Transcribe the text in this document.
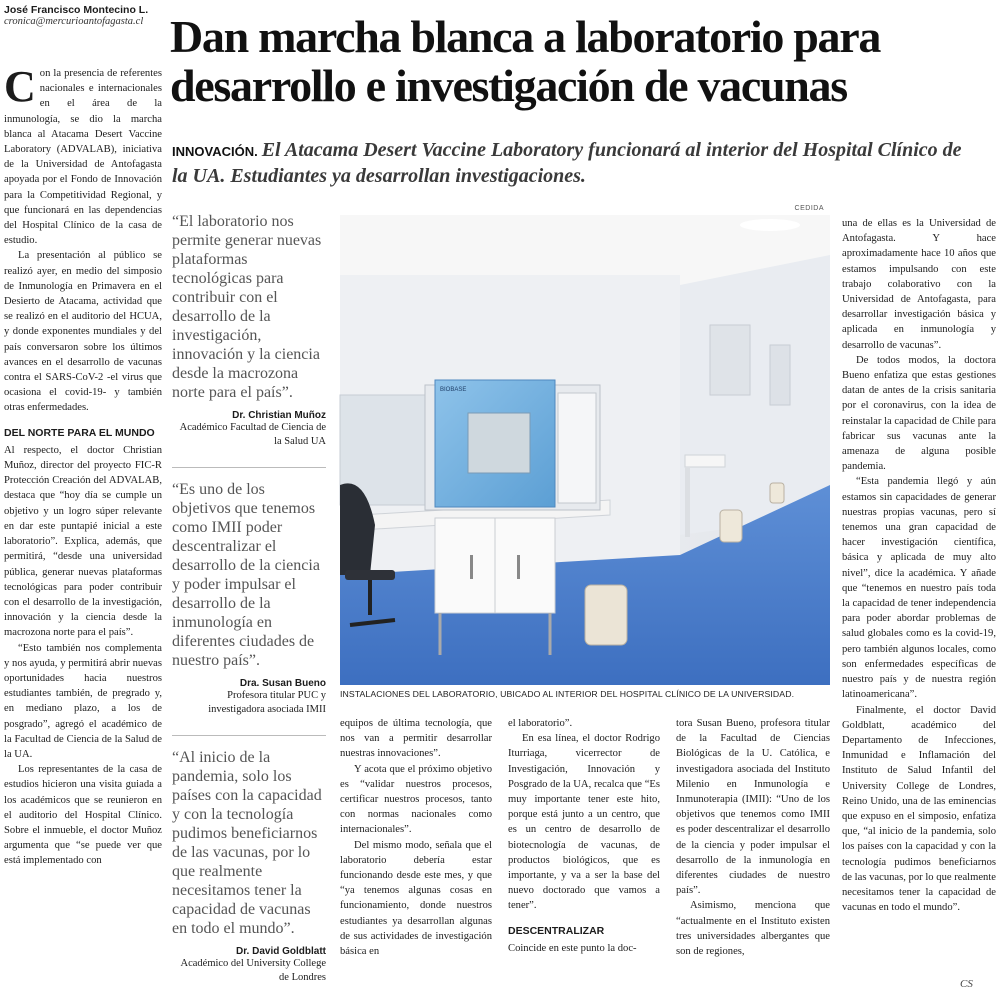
José Francisco Montecino L.
cronica@mercurioantofagasta.cl Dan marcha blanca a laboratorio para
desarrollo e investigación de vacunas
INNOVACIÓN. El Atacama Desert Vaccine Laboratory funcionará al interior del Hospital Clínico de la UA. Estudiantes ya desarrollan investigaciones.

Con la presencia de referentes nacionales e internacionales en el área de la inmunología, se dio la marcha blanca al Atacama Desert Vaccine Laboratory (ADVALAB), iniciativa de la Universidad de Antofagasta apoyada por el Fondo de Innovación para la Competitividad Regional, y que funcionará en las dependencias del Hospital Clínico de la casa de estudio.

La presentación al público se realizó ayer, en medio del simposio de Inmunología en Primavera en el Desierto de Atacama, actividad que se realizó en el auditorio del HCUA, y donde exponentes mundiales y del país conversaron sobre los últimos avances en el desarrollo de vacunas contra el SARS-CoV-2 -el virus que ocasiona el covid-19- y también otras enfermedades.

DEL NORTE PARA EL MUNDO

Al respecto, el doctor Christian Muñoz, director del proyecto FIC-R Protección Creación del ADVALAB, destaca que “hoy día se cumple un objetivo y un logro súper relevante en dar este puntapié inicial a este laboratorio”. Explica, además, que permitirá, “desde una universidad pública, generar nuevas plataformas tecnológicas para poder contribuir con el desarrollo de la investigación, innovación y la ciencia desde la macrozona norte para el país”.

“Esto también nos complementa y nos ayuda, y permitirá abrir nuevas oportunidades hacia nuestros estudiantes también, de pregrado y, en mediano plazo, a los de posgrado”, agregó el académico de la Facultad de Ciencia de la Salud de la UA.

Los representantes de la casa de estudios hicieron una visita guiada a los académicos que se reunieron en el auditorio del Hospital Clínico. Sobre el inmueble, el doctor Muñoz argumenta que “se puede ver que está implementado con

“El laboratorio nos permite generar nuevas plataformas tecnológicas para contribuir con el desarrollo de la investigación, innovación y la ciencia desde la macrozona norte para el país”.
Dr. Christian Muñoz
Académico Facultad de Ciencia de la Salud UA
“Es uno de los objetivos que tenemos como IMII poder descentralizar el desarrollo de la ciencia y poder impulsar el desarrollo de la inmunología en diferentes ciudades de nuestro país”.
Dra. Susan Bueno
Profesora titular PUC y investigadora asociada IMII
“Al inicio de la pandemia, solo los países con la capacidad y con la tecnología pudimos beneficiarnos de las vacunas, por lo que realmente necesitamos tener la capacidad de vacunas en todo el mundo”.
Dr. David Goldblatt
Académico del University College de Londres
BIOBASE
CEDIDA
INSTALACIONES DEL LABORATORIO, UBICADO AL INTERIOR DEL HOSPITAL CLÍNICO DE LA UNIVERSIDAD.

equipos de última tecnología, que nos van a permitir desarrollar nuestras innovaciones”.

Y acota que el próximo objetivo es “validar nuestros procesos, certificar nuestros procesos, tanto con normas nacionales como internacionales”.

Del mismo modo, señala que el laboratorio debería estar funcionando desde este mes, y que “ya tenemos algunas cosas en funcionamiento, donde nuestros estudiantes ya desarrollan algunas de sus actividades de investigación básica en

el laboratorio”.

En esa línea, el doctor Rodrigo Iturriaga, vicerrector de Investigación, Innovación y Posgrado de la UA, recalca que “Es muy importante tener este hito, porque está junto a un centro, que es un centro de desarrollo de biotecnología de vacunas, de productos biológicos, que es importante, y va a ser la base del nuevo doctorado que vamos a tener”.

DESCENTRALIZAR

Coincide en este punto la doc-

tora Susan Bueno, profesora titular de la Facultad de Ciencias Biológicas de la U. Católica, e investigadora asociada del Instituto Milenio en Inmunología e Inmunoterapia (IMII): “Uno de los objetivos que tenemos como IMII es poder descentralizar el desarrollo de la ciencia y poder impulsar el desarrollo de la inmunología en diferentes ciudades de nuestro país”.

Asimismo, menciona que “actualmente en el Instituto existen tres universidades albergantes que son de regiones,

una de ellas es la Universidad de Antofagasta. Y hace aproximadamente hace 10 años que estamos impulsando con este trabajo colaborativo con la Universidad de Antofagasta, para desarrollar investigación básica y aplicada en inmunología y desarrollo de vacunas”.

De todos modos, la doctora Bueno enfatiza que estas gestiones datan de antes de la crisis sanitaria por el coronavirus, con la idea de reinstalar la capacidad de Chile para fabricar sus vacunas ante la amenaza de alguna posible pandemia.

“Esta pandemia llegó y aún estamos sin capacidades de generar nuestras propias vacunas, pero sí tenemos una gran capacidad de hacer investigación científica, básica y aplicada de muy alto nivel”, dice la académica. Y añade que “tenemos en nuestro país toda la capacidad de tener independencia para poder abordar problemas de salud globales como es la covid-19, pero también algunos locales, como son enfermedades específicas de nuestro país y de nuestra región latinoamericana”.

Finalmente, el doctor David Goldblatt, académico del Departamento de Infecciones, Inmunidad e Inflamación del Instituto de Salud Infantil del University College de Londres, Reino Unido, una de las eminencias que expuso en el simposio, enfatiza que, “al inicio de la pandemia, solo los países con la capacidad y con la tecnología pudimos beneficiarnos de las vacunas, por lo que realmente necesitamos tener la capacidad de vacunas en todo el mundo”.

CS
